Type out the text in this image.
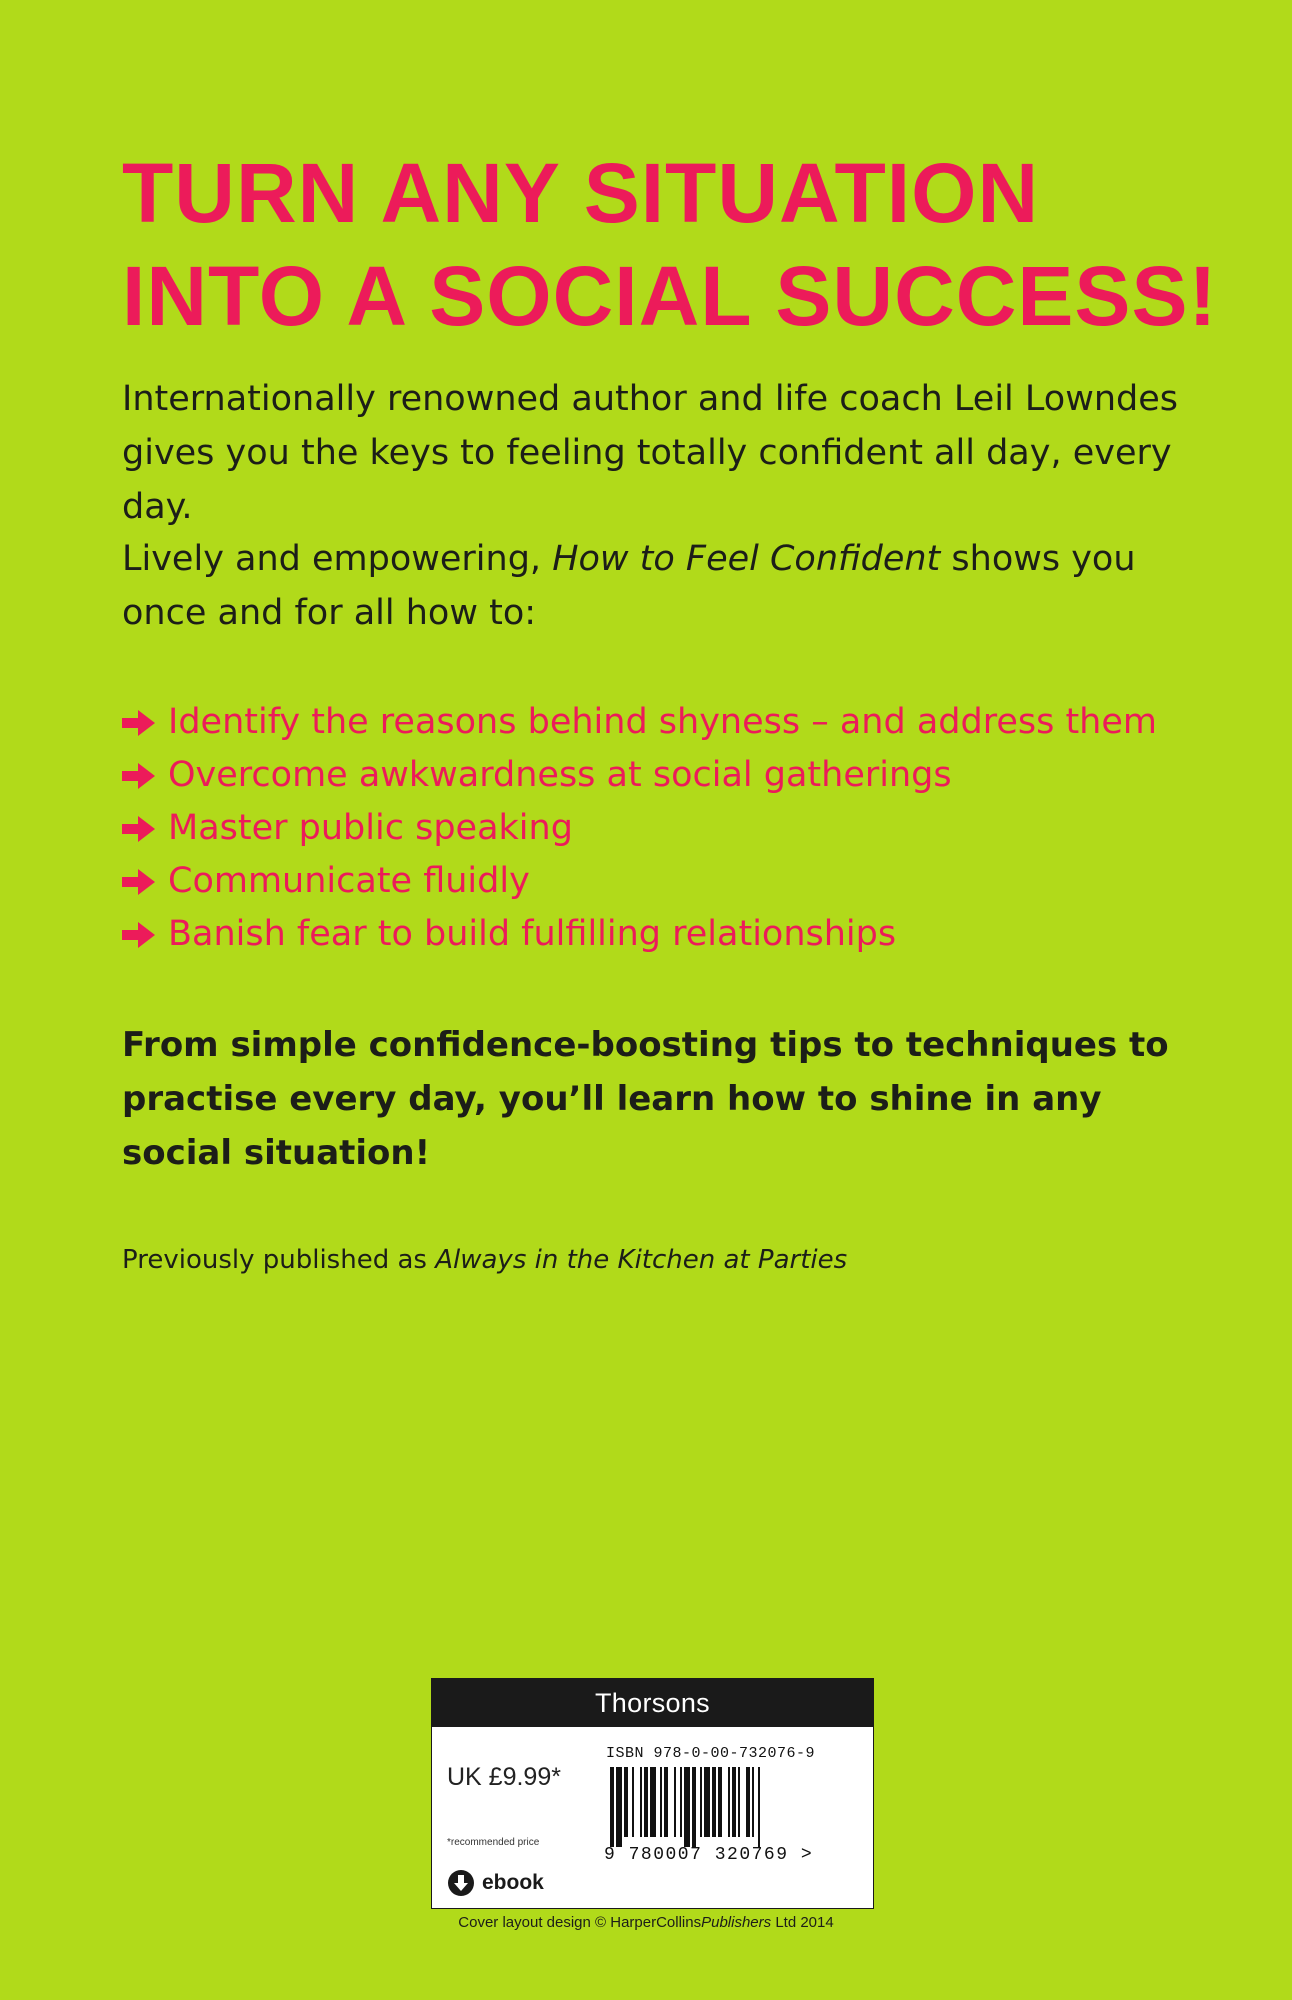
TURN ANY SITUATION
INTO A SOCIAL SUCCESS!

Internationally renowned author and life coach Leil Lowndes gives you the keys to feeling totally confident all day, every day.

Lively and empowering, How to Feel Confident shows you once and for all how to:

Identify the reasons behind shyness – and address them
Overcome awkwardness at social gatherings
Master public speaking
Communicate fluidly
Banish fear to build fulfilling relationships

From simple confidence-boosting tips to techniques to practise every day, you’ll learn how to shine in any social situation!

Previously published as Always in the Kitchen at Parties

Thorsons
UK £9.99*
*recommended price
ebook
ISBN 978-0-00-732076-9
9 780007 320769 >
Cover layout design © HarperCollinsPublishers Ltd 2014
